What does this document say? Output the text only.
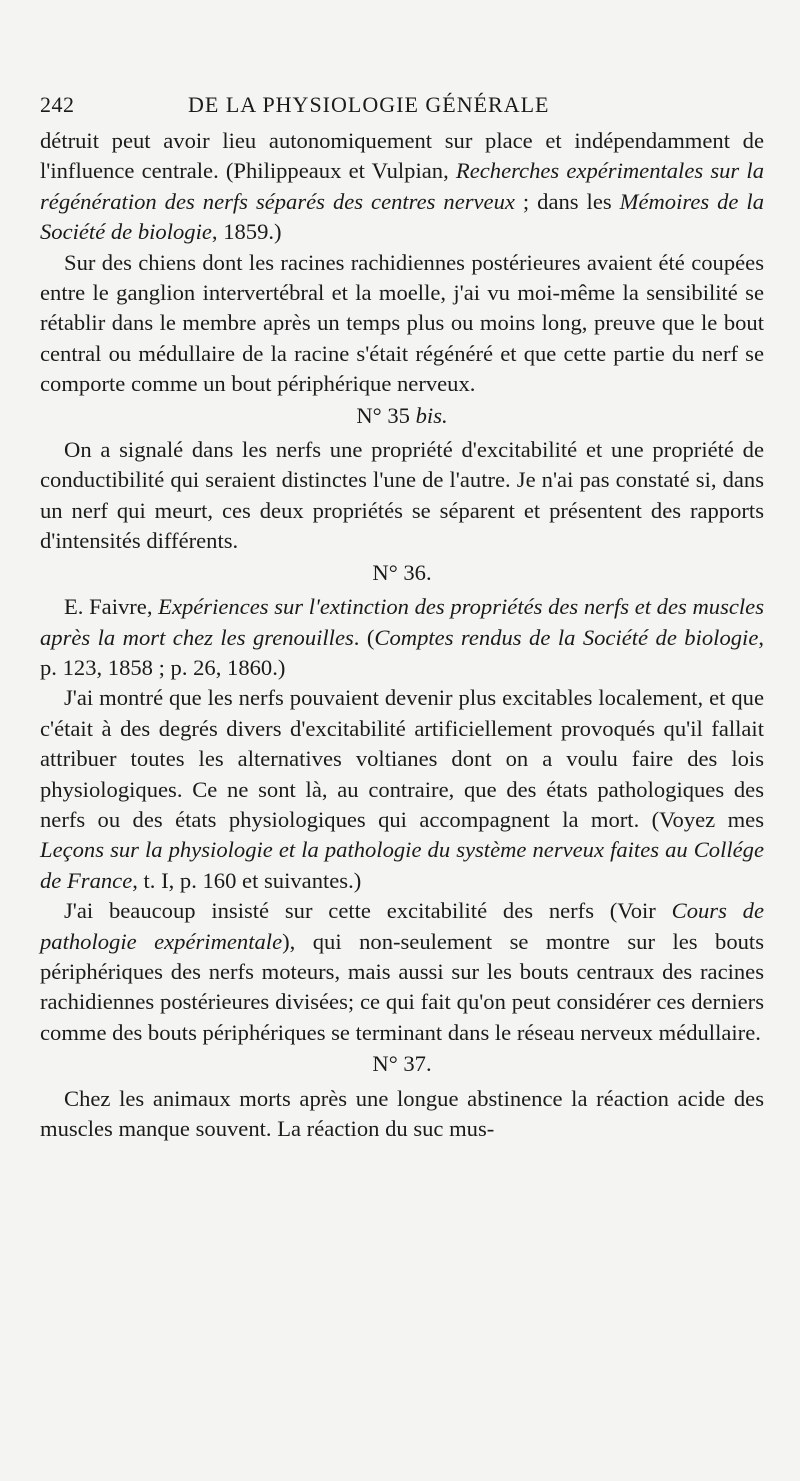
242	DE LA PHYSIOLOGIE GÉNÉRALE

détruit peut avoir lieu autonomiquement sur place et indépendamment de l'influence centrale. (Philippeaux et Vulpian, Recherches expérimentales sur la régénération des nerfs séparés des centres nerveux ; dans les Mémoires de la Société de biologie, 1859.)

Sur des chiens dont les racines rachidiennes postérieures avaient été coupées entre le ganglion intervertébral et la moelle, j'ai vu moi-même la sensibilité se rétablir dans le membre après un temps plus ou moins long, preuve que le bout central ou médullaire de la racine s'était régénéré et que cette partie du nerf se comporte comme un bout périphérique nerveux.

N° 35 bis.

On a signalé dans les nerfs une propriété d'excitabilité et une propriété de conductibilité qui seraient distinctes l'une de l'autre. Je n'ai pas constaté si, dans un nerf qui meurt, ces deux propriétés se séparent et présentent des rapports d'intensités différents.

N° 36.

E. Faivre, Expériences sur l'extinction des propriétés des nerfs et des muscles après la mort chez les grenouilles. (Comptes rendus de la Société de biologie, p. 123, 1858 ; p. 26, 1860.)

J'ai montré que les nerfs pouvaient devenir plus excitables localement, et que c'était à des degrés divers d'excitabilité artificiellement provoqués qu'il fallait attribuer toutes les alternatives voltianes dont on a voulu faire des lois physiologiques. Ce ne sont là, au contraire, que des états pathologiques des nerfs ou des états physiologiques qui accompagnent la mort. (Voyez mes Leçons sur la physiologie et la pathologie du système nerveux faites au Collége de France, t. I, p. 160 et suivantes.)

J'ai beaucoup insisté sur cette excitabilité des nerfs (Voir Cours de pathologie expérimentale), qui non-seulement se montre sur les bouts périphériques des nerfs moteurs, mais aussi sur les bouts centraux des racines rachidiennes postérieures divisées; ce qui fait qu'on peut considérer ces derniers comme des bouts périphériques se terminant dans le réseau nerveux médullaire.

N° 37.

Chez les animaux morts après une longue abstinence la réaction acide des muscles manque souvent. La réaction du suc mus-
